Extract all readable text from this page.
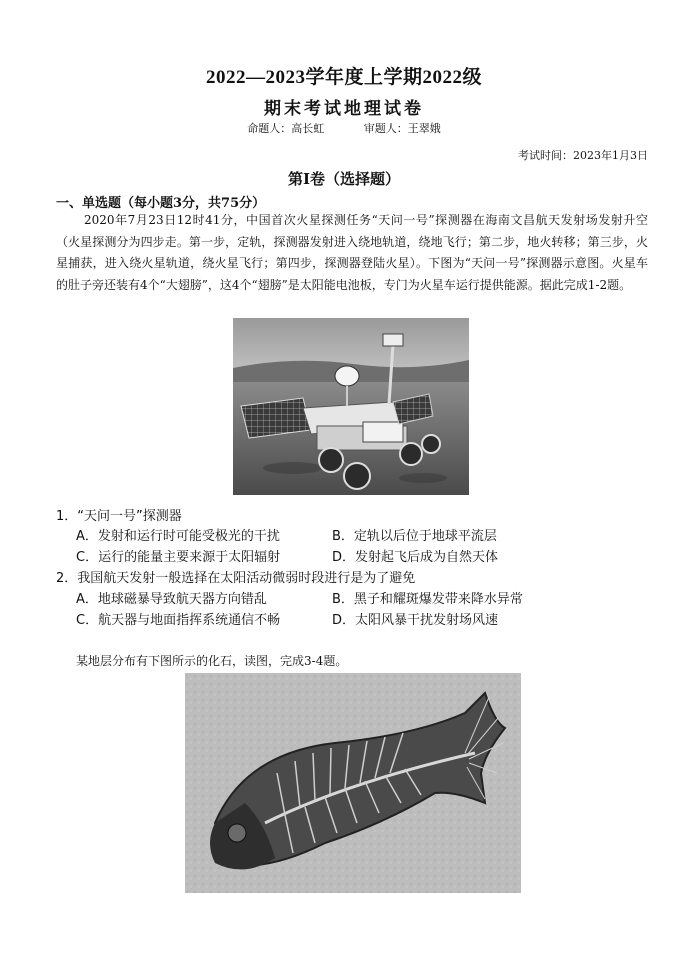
2022—2023学年度上学期2022级
期末考试地理试卷
命题人：高长虹	审题人：王翠娥
考试时间：2023年1月3日
第Ⅰ卷（选择题）
一、单选题（每小题3分，共75分）

2020年7月23日12时41分，中国首次火星探测任务“天问一号”探测器在海南文昌航天发射场发射升空（火星探测分为四步走。第一步，定轨，探测器发射进入绕地轨道，绕地飞行；第二步，地火转移；第三步，火星捕获，进入绕火星轨道，绕火星飞行；第四步，探测器登陆火星）。下图为“天问一号”探测器示意图。火星车的肚子旁还装有4个“大翅膀”，这4个“翅膀”是太阳能电池板，专门为火星车运行提供能源。据此完成1-2题。

1．“天问一号”探测器
A．发射和运行时可能受极光的干扰	B．定轨以后位于地球平流层
C．运行的能量主要来源于太阳辐射	D．发射起飞后成为自然天体
2．我国航天发射一般选择在太阳活动微弱时段进行是为了避免
A．地球磁暴导致航天器方向错乱	B．黑子和耀斑爆发带来降水异常
C．航天器与地面指挥系统通信不畅	D．太阳风暴干扰发射场风速
某地层分布有下图所示的化石，读图，完成3-4题。
